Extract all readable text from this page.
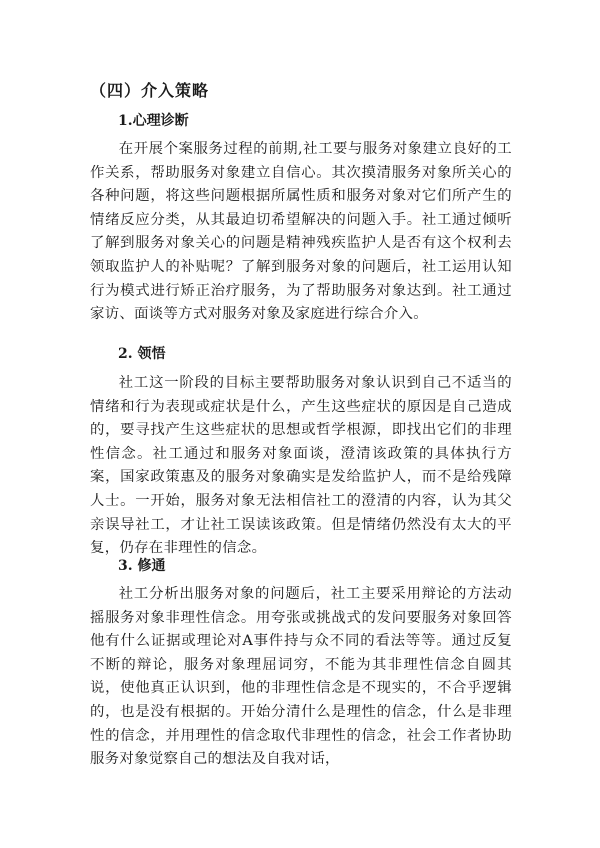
（四）介入策略
1.心理诊断

在开展个案服务过程的前期,社工要与服务对象建立良好的工作关系，帮助服务对象建立自信心。其次摸清服务对象所关心的各种问题，将这些问题根据所属性质和服务对象对它们所产生的情绪反应分类，从其最迫切希望解决的问题入手。社工通过倾听了解到服务对象关心的问题是精神残疾监护人是否有这个权利去领取监护人的补贴呢？了解到服务对象的问题后，社工运用认知行为模式进行矫正治疗服务，为了帮助服务对象达到。社工通过家访、面谈等方式对服务对象及家庭进行综合介入。

2. 领悟

社工这一阶段的目标主要帮助服务对象认识到自己不适当的情绪和行为表现或症状是什么，产生这些症状的原因是自己造成的，要寻找产生这些症状的思想或哲学根源，即找出它们的非理性信念。社工通过和服务对象面谈，澄清该政策的具体执行方案，国家政策惠及的服务对象确实是发给监护人，而不是给残障人士。一开始，服务对象无法相信社工的澄清的内容，认为其父亲误导社工，才让社工误读该政策。但是情绪仍然没有太大的平复，仍存在非理性的信念。

3. 修通

社工分析出服务对象的问题后，社工主要采用辩论的方法动摇服务对象非理性信念。用夸张或挑战式的发问要服务对象回答他有什么证据或理论对A事件持与众不同的看法等等。通过反复不断的辩论，服务对象理屈词穷，不能为其非理性信念自圆其说，使他真正认识到，他的非理性信念是不现实的，不合乎逻辑的，也是没有根据的。开始分清什么是理性的信念，什么是非理性的信念，并用理性的信念取代非理性的信念，社会工作者协助服务对象觉察自己的想法及自我对话，
